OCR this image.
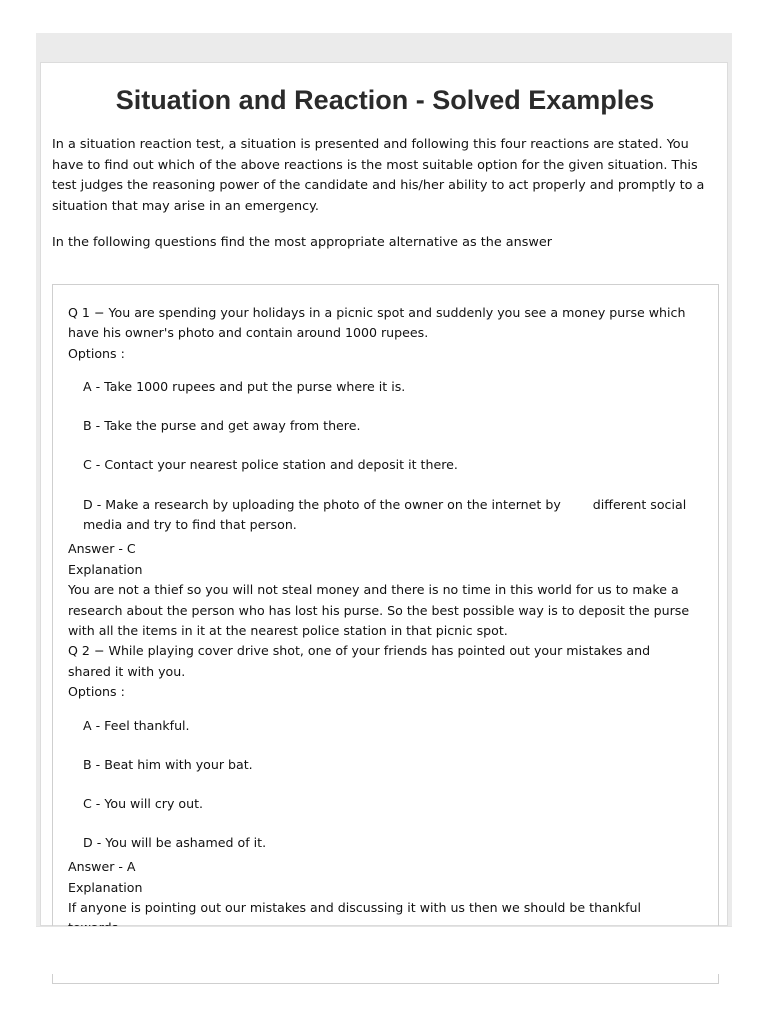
Situation and Reaction - Solved Examples

In a situation reaction test, a situation is presented and following this four reactions are stated. You have to find out which of the above reactions is the most suitable option for the given situation. This test judges the reasoning power of the candidate and his/her ability to act properly and promptly to a situation that may arise in an emergency.

In the following questions find the most appropriate alternative as the answer

Q 1 − You are spending your holidays in a picnic spot and suddenly you see a money purse which have his owner's photo and contain around 1000 rupees.

Options :

A - Take 1000 rupees and put the purse where it is.

B - Take the purse and get away from there.

C - Contact your nearest police station and deposit it there.

D - Make a research by uploading the photo of the owner on the internet by        different social media and try to find that person.

Answer - C

Explanation

You are not a thief so you will not steal money and there is no time in this world for us to make a research about the person who has lost his purse. So the best possible way is to deposit the purse with all the items in it at the nearest police station in that picnic spot.

Q 2 − While playing cover drive shot, one of your friends has pointed out your mistakes and shared it with you.

Options :

A - Feel thankful.

B - Beat him with your bat.

C - You will cry out.

D - You will be ashamed of it.

Answer - A

Explanation

If anyone is pointing out our mistakes and discussing it with us then we should be thankful
